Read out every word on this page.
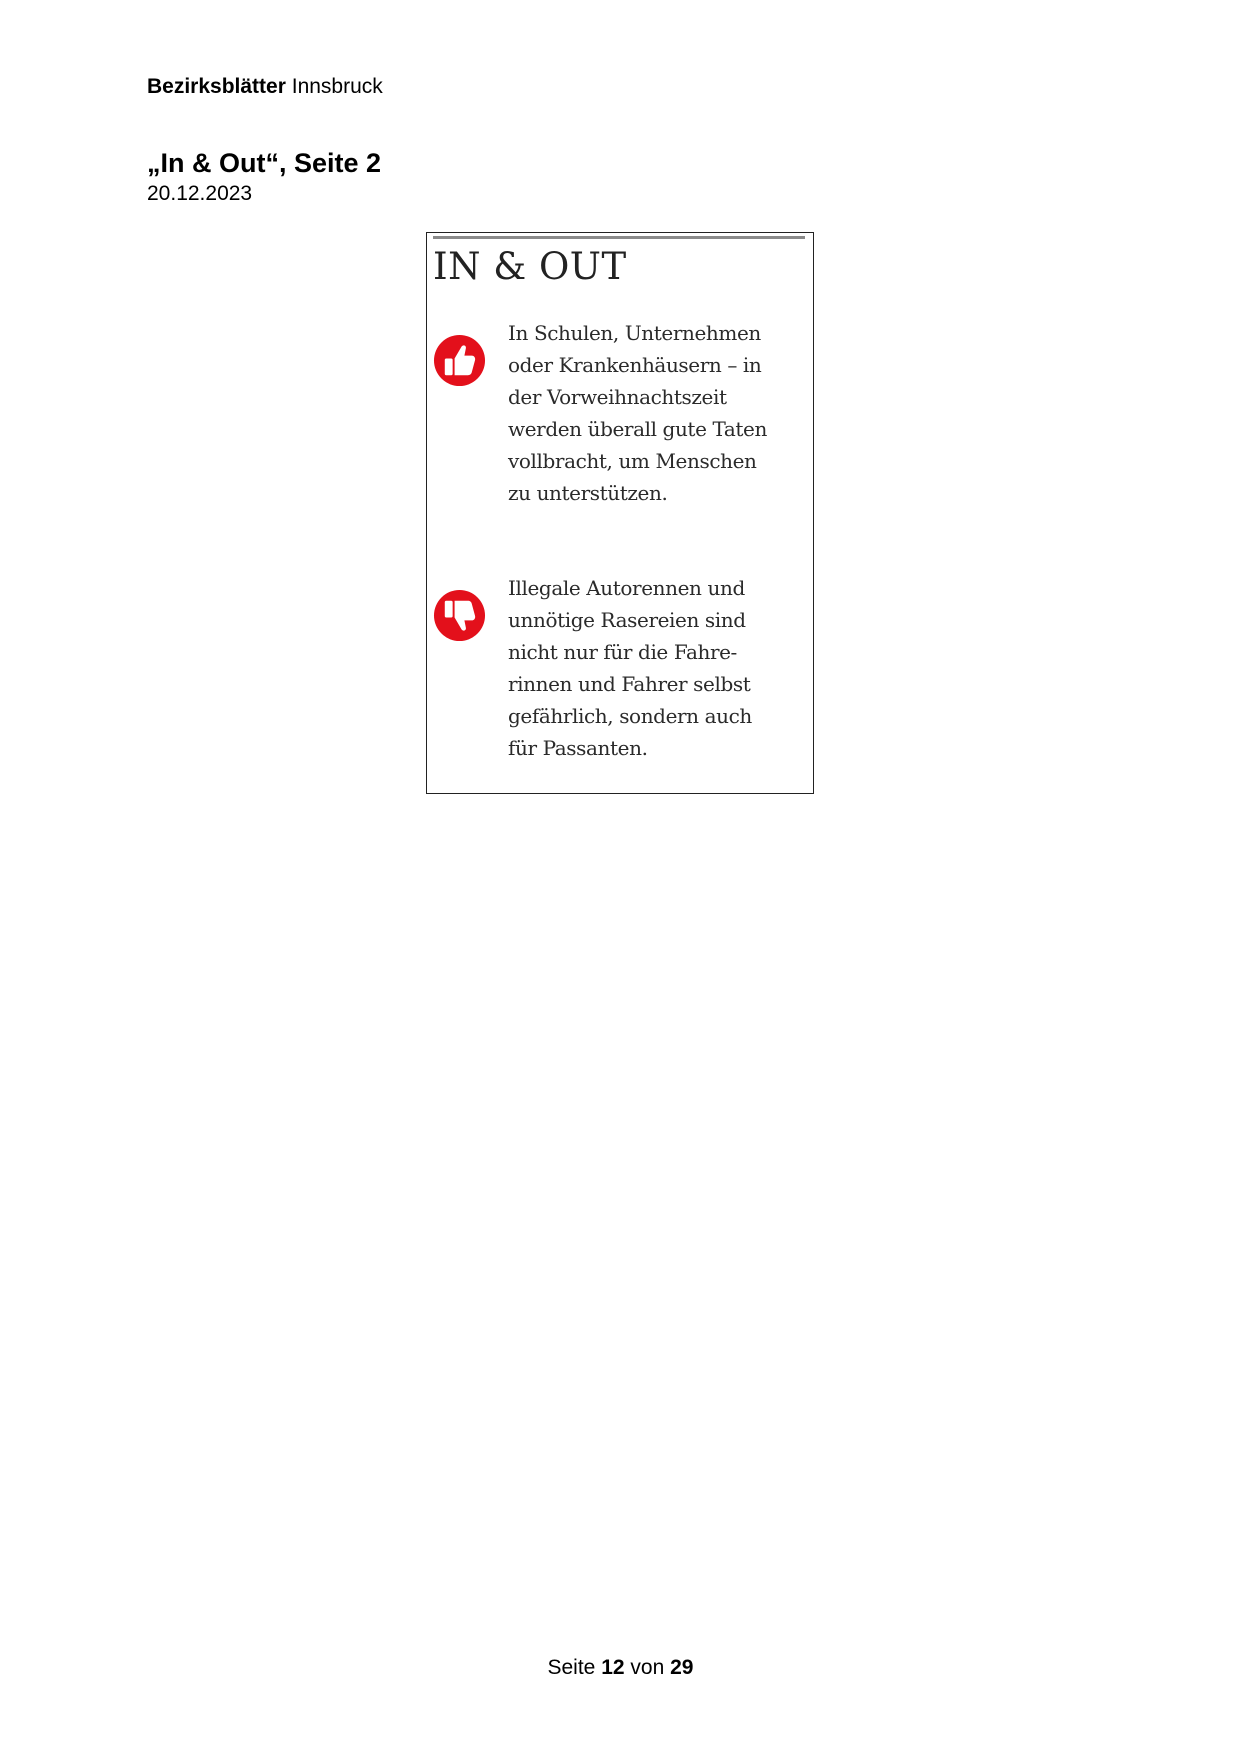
Bezirksblätter Innsbruck
„In & Out“, Seite 2
20.12.2023
IN & OUT
In Schulen, Unternehmen
oder Krankenhäusern – in
der Vorweihnachtszeit
werden überall gute Taten
vollbracht, um Menschen
zu unterstützen.
Illegale Autorennen und
unnötige Rasereien sind
nicht nur für die Fahre-
rinnen und Fahrer selbst
gefährlich, sondern auch
für Passanten.
Seite 12 von 29
